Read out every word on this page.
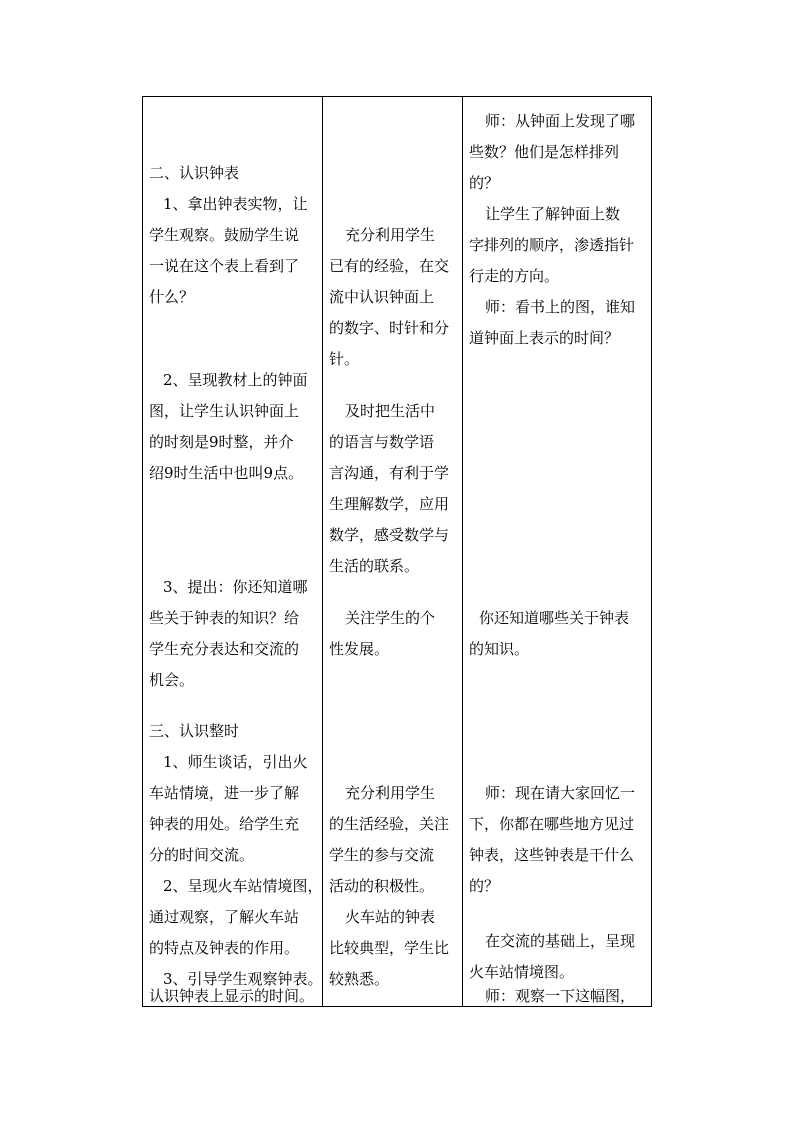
二、认识钟表
1、拿出钟表实物，让
学生观察。鼓励学生说
一说在这个表上看到了
什么？
2、呈现教材上的钟面
图，让学生认识钟面上
的时刻是9时整，并介
绍9时生活中也叫9点。
3、提出：你还知道哪
些关于钟表的知识？给
学生充分表达和交流的
机会。
三、认识整时
1、师生谈话，引出火
车站情境，进一步了解
钟表的用处。给学生充
分的时间交流。
2、呈现火车站情境图，
通过观察，了解火车站
的特点及钟表的作用。
3、引导学生观察钟表。
认识钟表上显示的时间。
充分利用学生
已有的经验，在交
流中认识钟面上
的数字、时针和分
针。
及时把生活中
的语言与数学语
言沟通，有利于学
生理解数学，应用
数学，感受数学与
生活的联系。
关注学生的个
性发展。
充分利用学生
的生活经验，关注
学生的参与交流
活动的积极性。
火车站的钟表
比较典型，学生比
较熟悉。
师：从钟面上发现了哪
些数？他们是怎样排列
的？
让学生了解钟面上数
字排列的顺序，渗透指针
行走的方向。
师：看书上的图，谁知
道钟面上表示的时间？
你还知道哪些关于钟表
的知识。
师：现在请大家回忆一
下，你都在哪些地方见过
钟表，这些钟表是干什么
的？
在交流的基础上，呈现
火车站情境图。
师：观察一下这幅图，
